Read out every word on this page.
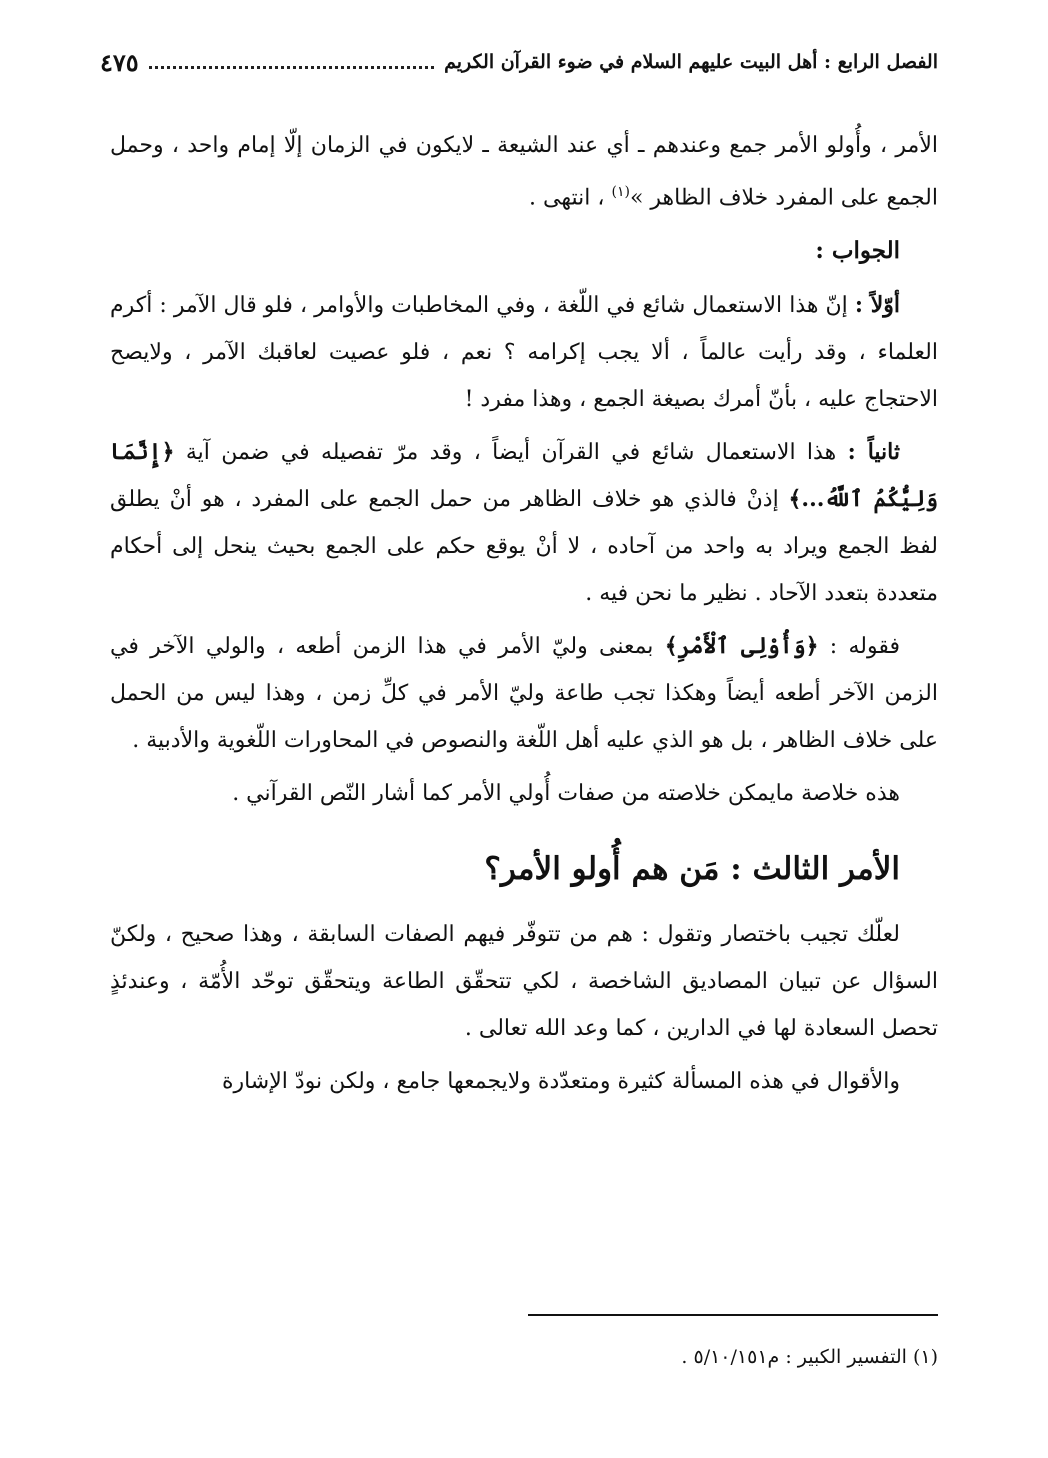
الفصل الرابع : أهل البيت عليهم السلام في ضوء القرآن الكريم
٤٧٥

الأمر ، وأُولو الأمر جمع وعندهم ـ أي عند الشيعة ـ لايكون في الزمان إلّا إمام واحد ، وحمل الجمع على المفرد خلاف الظاهر »$^{(١)}$ ، انتهى .

الجواب :

أوّلاً : إنّ هذا الاستعمال شائع في اللّغة ، وفي المخاطبات والأوامر ، فلو قال الآمر : أكرم العلماء ، وقد رأيت عالماً ، ألا يجب إكرامه ؟ نعم ، فلو عصيت لعاقبك الآمر ، ولايصح الاحتجاج عليه ، بأنّ أمرك بصيغة الجمع ، وهذا مفرد !

ثانياً : هذا الاستعمال شائع في القرآن أيضاً ، وقد مرّ تفصيله في ضمن آية ﴿إِنَّمَا وَلِيُّكُمُ ٱللَّهُ...﴾ إذنْ فالذي هو خلاف الظاهر من حمل الجمع على المفرد ، هو أنْ يطلق لفظ الجمع ويراد به واحد من آحاده ، لا أنْ يوقع حكم على الجمع بحيث ينحل إلى أحكام متعددة بتعدد الآحاد . نظير ما نحن فيه .

فقوله : ﴿وَأُوْلِى ٱلْأَمْرِ﴾ بمعنى وليّ الأمر في هذا الزمن أطعه ، والولي الآخر في الزمن الآخر أطعه أيضاً وهكذا تجب طاعة وليّ الأمر في كلِّ زمن ، وهذا ليس من الحمل على خلاف الظاهر ، بل هو الذي عليه أهل اللّغة والنصوص في المحاورات اللّغوية والأدبية .

هذه خلاصة مايمكن خلاصته من صفات أُولي الأمر كما أشار النّص القرآني .

الأمر الثالث : مَن هم أُولو الأمر؟

لعلّك تجيب باختصار وتقول : هم من تتوفّر فيهم الصفات السابقة ، وهذا صحيح ، ولكنّ السؤال عن تبيان المصاديق الشاخصة ، لكي تتحقّق الطاعة ويتحقّق توحّد الأُمّة ، وعندئذٍ تحصل السعادة لها في الدارين ، كما وعد الله تعالى .

والأقوال في هذه المسألة كثيرة ومتعدّدة ولايجمعها جامع ، ولكن نودّ الإشارة

(١) التفسير الكبير : م٥/١٠/١٥١ .
